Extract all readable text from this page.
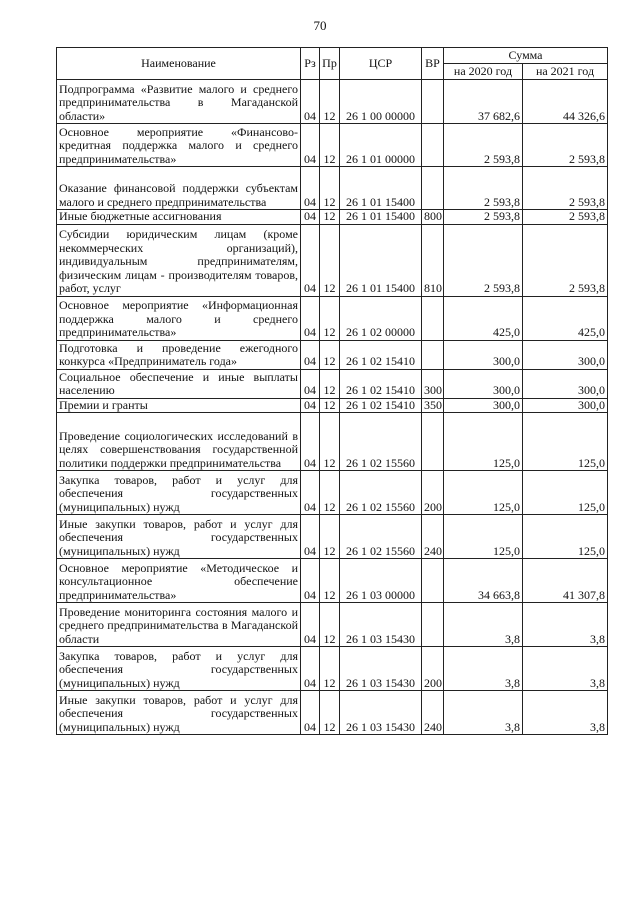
70
Наименование	Рз	Пр	ЦСР	ВР	Сумма	
					на 2020 год	на 2021 год
Подпрограмма «Развитие малого и среднего предпринимательства в Магаданской области»	04	12	26 1 00 00000		37 682,6	44 326,6
Основное мероприятие «Финансово-кредитная поддержка малого и среднего предпринимательства»	04	12	26 1 01 00000		2 593,8	2 593,8
Оказание финансовой поддержки субъектам малого и среднего предпринимательства	04	12	26 1 01 15400		2 593,8	2 593,8
Иные бюджетные ассигнования	04	12	26 1 01 15400	800	2 593,8	2 593,8
Субсидии юридическим лицам (кроме некоммерческих организаций), индивидуальным предпринимателям, физическим лицам - производителям товаров, работ, услуг	04	12	26 1 01 15400	810	2 593,8	2 593,8
Основное мероприятие «Информационная поддержка малого и среднего предпринимательства»	04	12	26 1 02 00000		425,0	425,0
Подготовка и проведение ежегодного конкурса «Предприниматель года»	04	12	26 1 02 15410		300,0	300,0
Социальное обеспечение и иные выплаты населению	04	12	26 1 02 15410	300	300,0	300,0
Премии и гранты	04	12	26 1 02 15410	350	300,0	300,0
Проведение социологических исследований в целях совершенствования государственной политики поддержки предпринимательства	04	12	26 1 02 15560		125,0	125,0
Закупка товаров, работ и услуг для обеспечения государственных (муниципальных) нужд	04	12	26 1 02 15560	200	125,0	125,0
Иные закупки товаров, работ и услуг для обеспечения государственных (муниципальных) нужд	04	12	26 1 02 15560	240	125,0	125,0
Основное мероприятие «Методическое и консультационное обеспечение предпринимательства»	04	12	26 1 03 00000		34 663,8	41 307,8
Проведение мониторинга состояния малого и среднего предпринимательства в Магаданской области	04	12	26 1 03 15430		3,8	3,8
Закупка товаров, работ и услуг для обеспечения государственных (муниципальных) нужд	04	12	26 1 03 15430	200	3,8	3,8
Иные закупки товаров, работ и услуг для обеспечения государственных (муниципальных) нужд	04	12	26 1 03 15430	240	3,8	3,8
